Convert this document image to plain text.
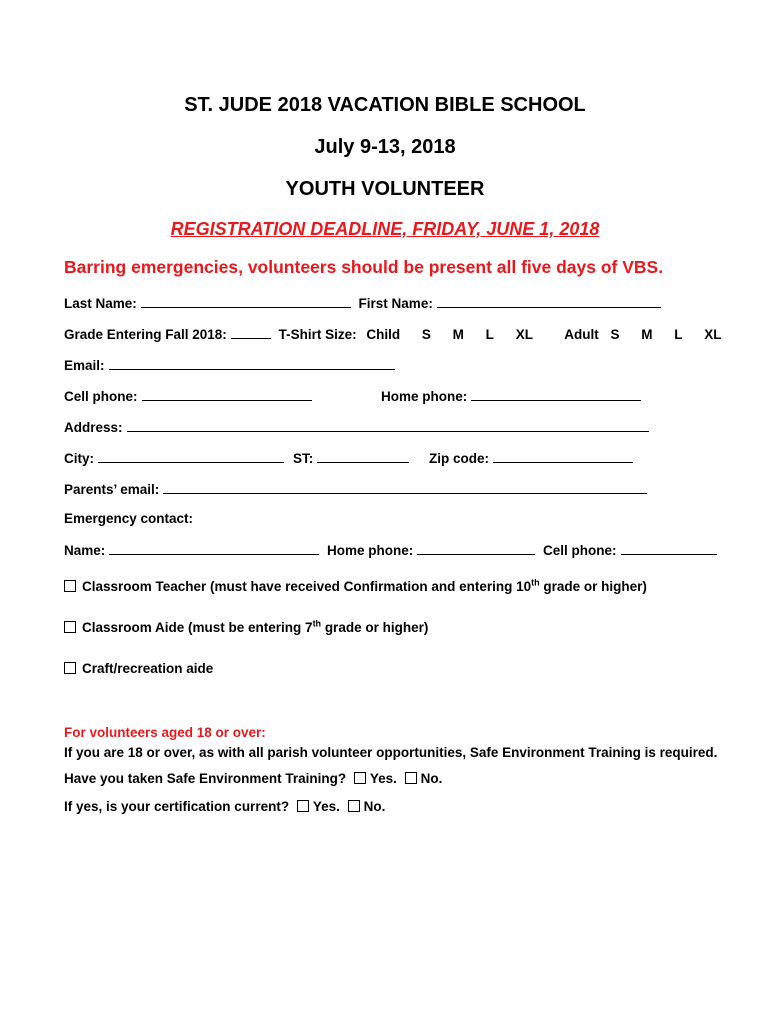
ST. JUDE 2018 VACATION BIBLE SCHOOL
July 9-13, 2018
YOUTH VOLUNTEER
REGISTRATION DEADLINE, FRIDAY, JUNE 1, 2018
Barring emergencies, volunteers should be present all five days of VBS.
Last Name:	First Name:
Grade Entering Fall 2018:	T-Shirt Size: Child S M L XL Adult S M L XL
Email:
Cell phone:	Home phone:
Address:
City:	ST:	Zip code:
Parents’ email:
Emergency contact:
Name:	Home phone:	Cell phone:
Classroom Teacher (must have received Confirmation and entering 10th grade or higher)
Classroom Aide (must be entering 7th grade or higher)
Craft/recreation aide
For volunteers aged 18 or over:
If you are 18 or over, as with all parish volunteer opportunities, Safe Environment Training is required.
Have you taken Safe Environment Training? Yes. No.
If yes, is your certification current? Yes. No.
